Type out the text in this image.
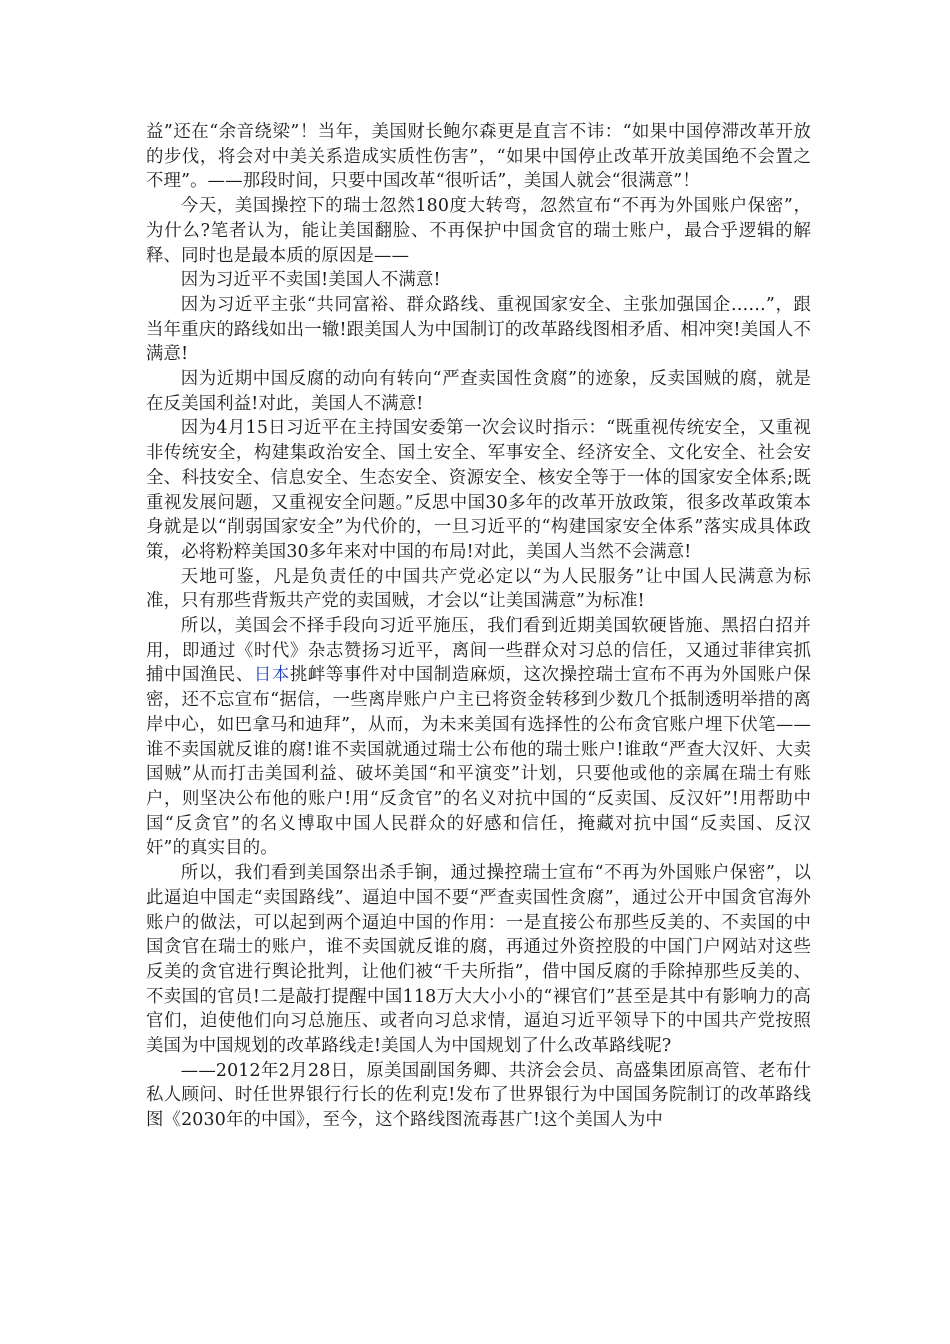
益”还在“余音绕梁”！当年，美国财长鲍尔森更是直言不讳：“如果中国停滞改革开放的步伐，将会对中美关系造成实质性伤害”，“如果中国停止改革开放美国绝不会置之不理”。——那段时间，只要中国改革“很听话”，美国人就会“很满意”！

今天，美国操控下的瑞士忽然180度大转弯，忽然宣布“不再为外国账户保密”，为什么?笔者认为，能让美国翻脸、不再保护中国贪官的瑞士账户，最合乎逻辑的解释、同时也是最本质的原因是——

因为习近平不卖国!美国人不满意!

因为习近平主张“共同富裕、群众路线、重视国家安全、主张加强国企……”，跟当年重庆的路线如出一辙!跟美国人为中国制订的改革路线图相矛盾、相冲突!美国人不满意!

因为近期中国反腐的动向有转向“严查卖国性贪腐”的迹象，反卖国贼的腐，就是在反美国利益!对此，美国人不满意!

因为4月15日习近平在主持国安委第一次会议时指示：“既重视传统安全，又重视非传统安全，构建集政治安全、国土安全、军事安全、经济安全、文化安全、社会安全、科技安全、信息安全、生态安全、资源安全、核安全等于一体的国家安全体系;既重视发展问题，又重视安全问题。”反思中国30多年的改革开放政策，很多改革政策本身就是以“削弱国家安全”为代价的，一旦习近平的“构建国家安全体系”落实成具体政策，必将粉粹美国30多年来对中国的布局!对此，美国人当然不会满意!

天地可鉴，凡是负责任的中国共产党必定以“为人民服务”让中国人民满意为标准，只有那些背叛共产党的卖国贼，才会以“让美国满意”为标准!

所以，美国会不择手段向习近平施压，我们看到近期美国软硬皆施、黑招白招并用，即通过《时代》杂志赞扬习近平，离间一些群众对习总的信任，又通过菲律宾抓捕中国渔民、日本挑衅等事件对中国制造麻烦，这次操控瑞士宣布不再为外国账户保密，还不忘宣布“据信，一些离岸账户户主已将资金转移到少数几个抵制透明举措的离岸中心，如巴拿马和迪拜”，从而，为未来美国有选择性的公布贪官账户埋下伏笔——谁不卖国就反谁的腐!谁不卖国就通过瑞士公布他的瑞士账户!谁敢“严查大汉奸、大卖国贼”从而打击美国利益、破坏美国“和平演变”计划，只要他或他的亲属在瑞士有账户，则坚决公布他的账户!用“反贪官”的名义对抗中国的“反卖国、反汉奸”!用帮助中国“反贪官”的名义博取中国人民群众的好感和信任，掩藏对抗中国“反卖国、反汉奸”的真实目的。

所以，我们看到美国祭出杀手锏，通过操控瑞士宣布“不再为外国账户保密”，以此逼迫中国走“卖国路线”、逼迫中国不要“严查卖国性贪腐”，通过公开中国贪官海外账户的做法，可以起到两个逼迫中国的作用：一是直接公布那些反美的、不卖国的中国贪官在瑞士的账户，谁不卖国就反谁的腐，再通过外资控股的中国门户网站对这些反美的贪官进行舆论批判，让他们被“千夫所指”，借中国反腐的手除掉那些反美的、不卖国的官员!二是敲打提醒中国118万大大小小的“裸官们”甚至是其中有影响力的高官们，迫使他们向习总施压、或者向习总求情，逼迫习近平领导下的中国共产党按照美国为中国规划的改革路线走!美国人为中国规划了什么改革路线呢?

——2012年2月28日，原美国副国务卿、共济会会员、高盛集团原高管、老布什私人顾问、时任世界银行行长的佐利克!发布了世界银行为中国国务院制订的改革路线图《2030年的中国》，至今，这个路线图流毒甚广!这个美国人为中
